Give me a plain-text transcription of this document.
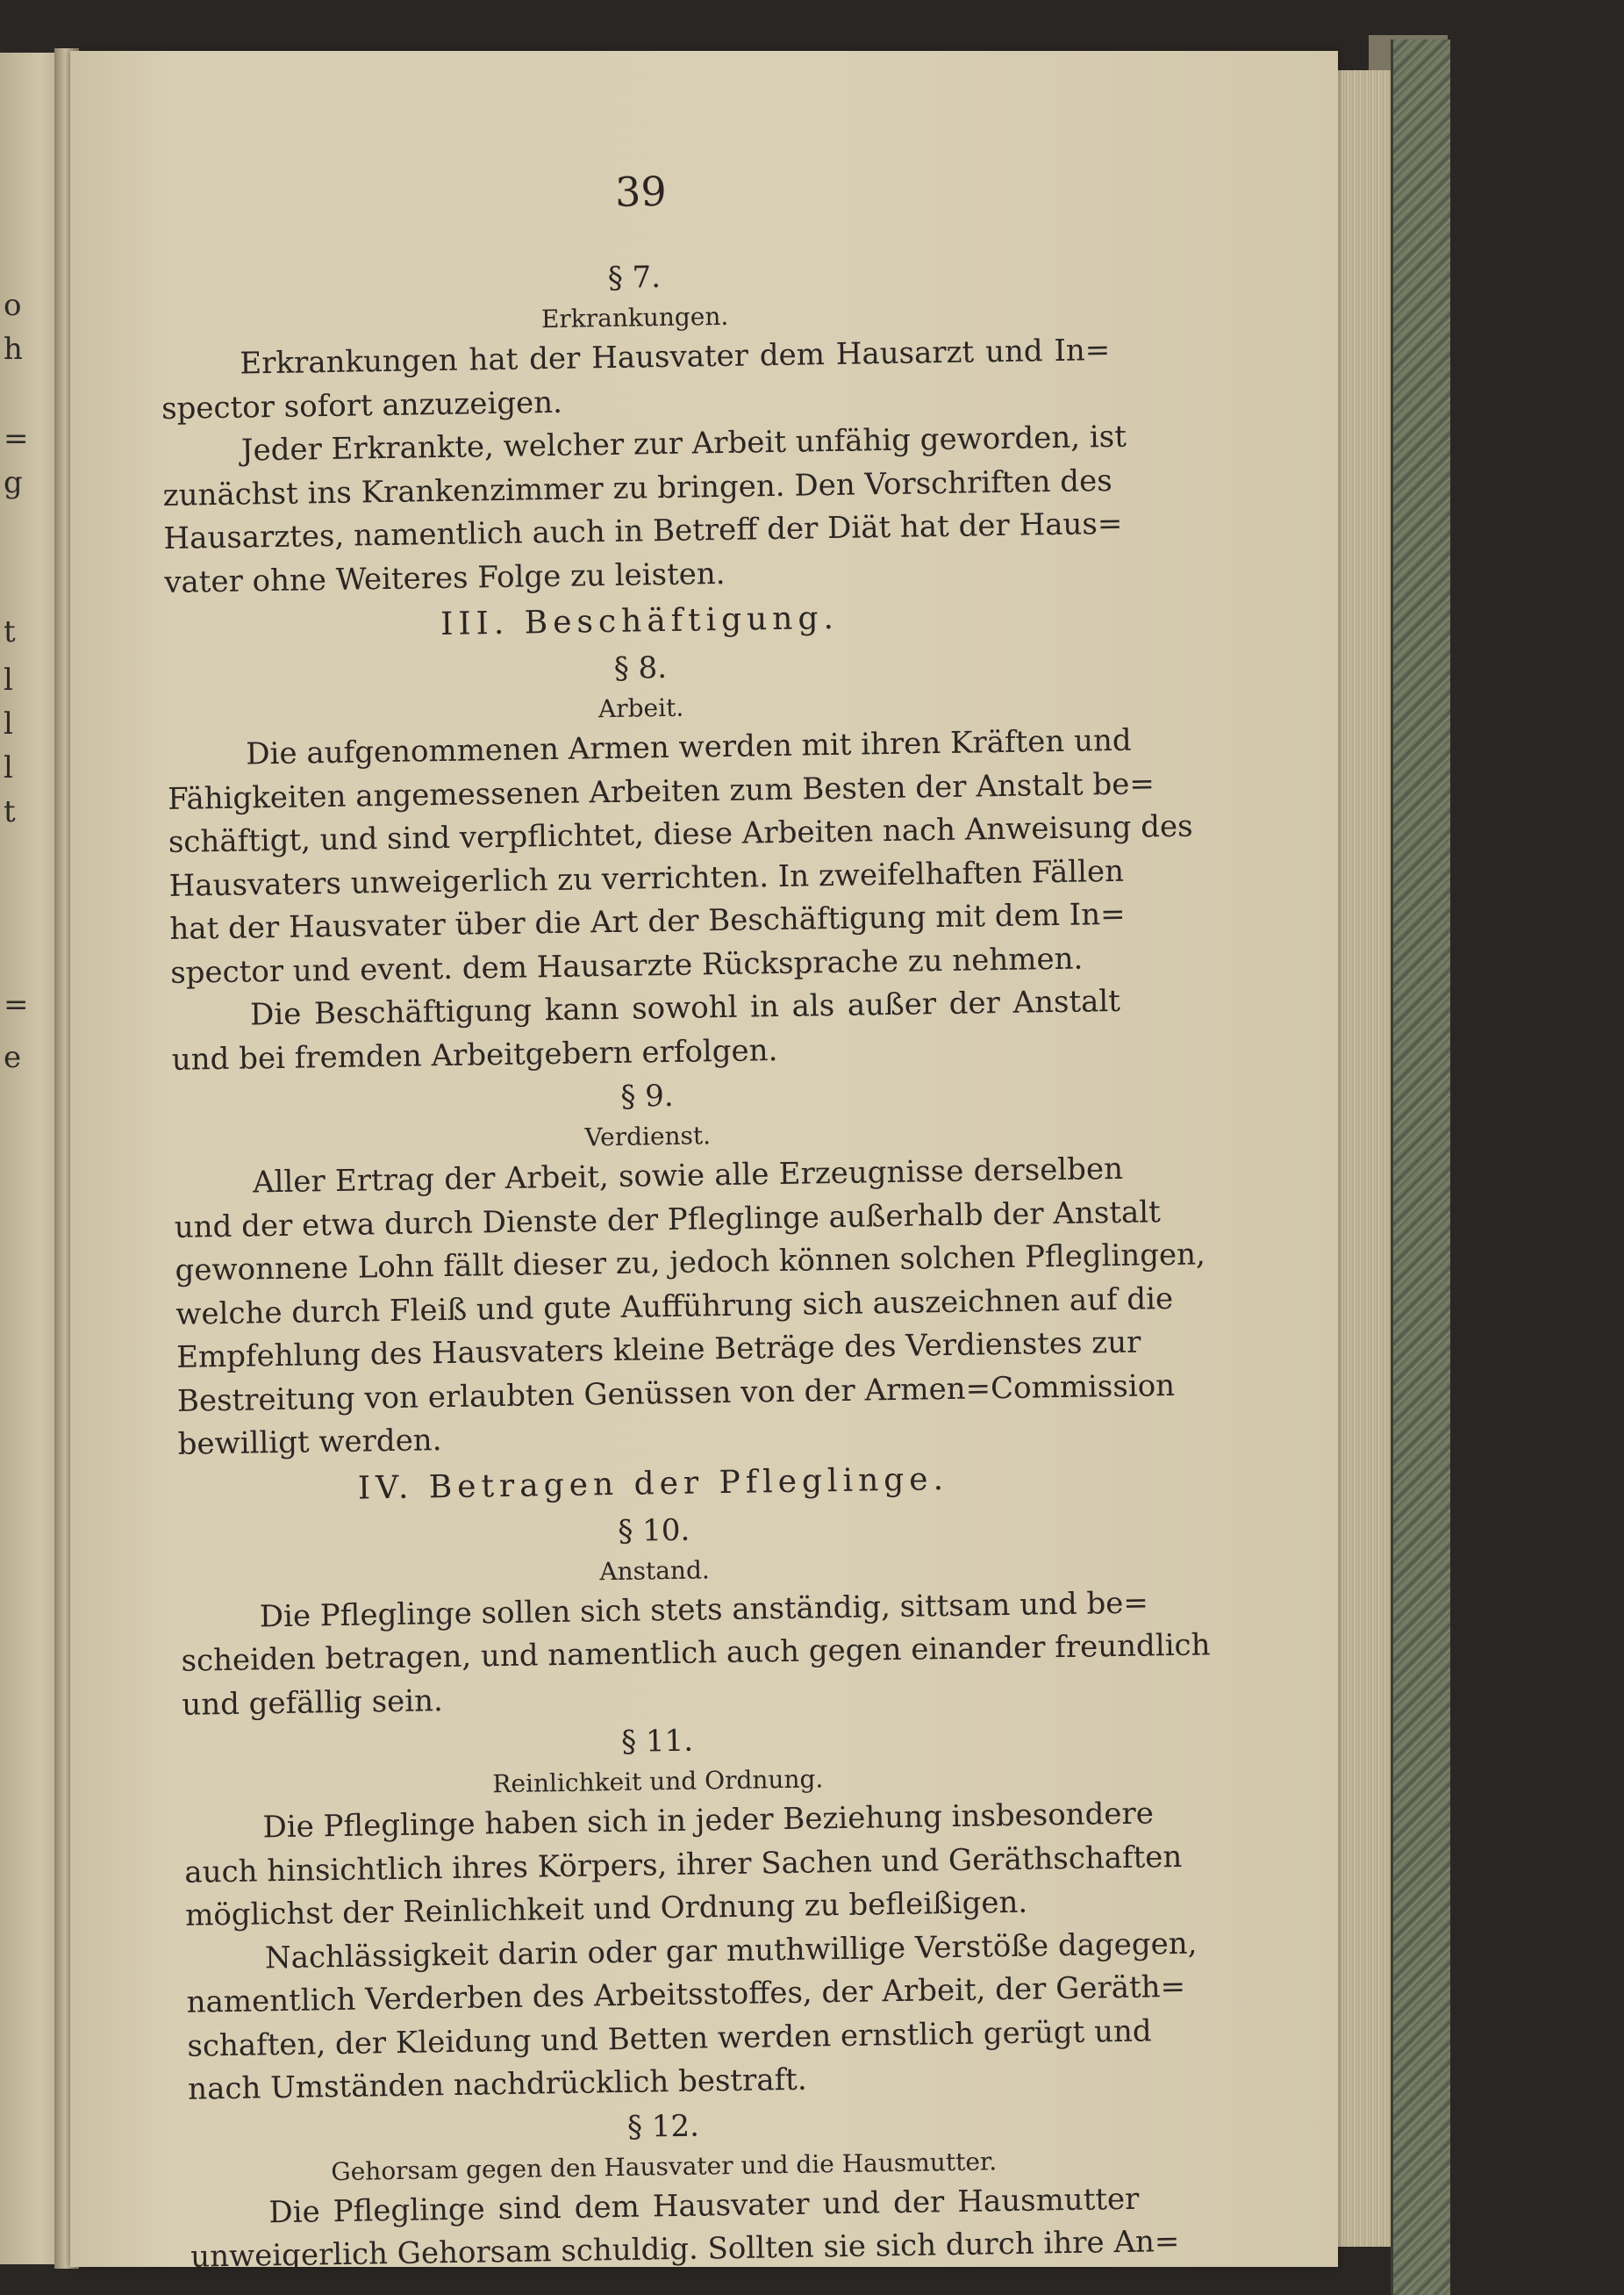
o
h
=
g
t
l
l
l
t
=
e
39
§ 7.
Erkrankungen.
Erkrankungen hat der Hausvater dem Hausarzt und In=
spector sofort anzuzeigen.
Jeder Erkrankte, welcher zur Arbeit unfähig geworden, ist
zunächst ins Krankenzimmer zu bringen. Den Vorschriften des
Hausarztes, namentlich auch in Betreff der Diät hat der Haus=
vater ohne Weiteres Folge zu leisten.
III. Beschäftigung.
§ 8.
Arbeit.
Die aufgenommenen Armen werden mit ihren Kräften und
Fähigkeiten angemessenen Arbeiten zum Besten der Anstalt be=
schäftigt, und sind verpflichtet, diese Arbeiten nach Anweisung des
Hausvaters unweigerlich zu verrichten. In zweifelhaften Fällen
hat der Hausvater über die Art der Beschäftigung mit dem In=
spector und event. dem Hausarzte Rücksprache zu nehmen.
Die Beschäftigung kann sowohl in als außer der Anstalt
und bei fremden Arbeitgebern erfolgen.
§ 9.
Verdienst.
Aller Ertrag der Arbeit, sowie alle Erzeugnisse derselben
und der etwa durch Dienste der Pfleglinge außerhalb der Anstalt
gewonnene Lohn fällt dieser zu, jedoch können solchen Pfleglingen,
welche durch Fleiß und gute Aufführung sich auszeichnen auf die
Empfehlung des Hausvaters kleine Beträge des Verdienstes zur
Bestreitung von erlaubten Genüssen von der Armen=Commission
bewilligt werden.
IV. Betragen der Pfleglinge.
§ 10.
Anstand.
Die Pfleglinge sollen sich stets anständig, sittsam und be=
scheiden betragen, und namentlich auch gegen einander freundlich
und gefällig sein.
§ 11.
Reinlichkeit und Ordnung.
Die Pfleglinge haben sich in jeder Beziehung insbesondere
auch hinsichtlich ihres Körpers, ihrer Sachen und Geräthschaften
möglichst der Reinlichkeit und Ordnung zu befleißigen.
Nachlässigkeit darin oder gar muthwillige Verstöße dagegen,
namentlich Verderben des Arbeitsstoffes, der Arbeit, der Geräth=
schaften, der Kleidung und Betten werden ernstlich gerügt und
nach Umständen nachdrücklich bestraft.
§ 12.
Gehorsam gegen den Hausvater und die Hausmutter.
Die Pfleglinge sind dem Hausvater und der Hausmutter
unweigerlich Gehorsam schuldig. Sollten sie sich durch ihre An=
